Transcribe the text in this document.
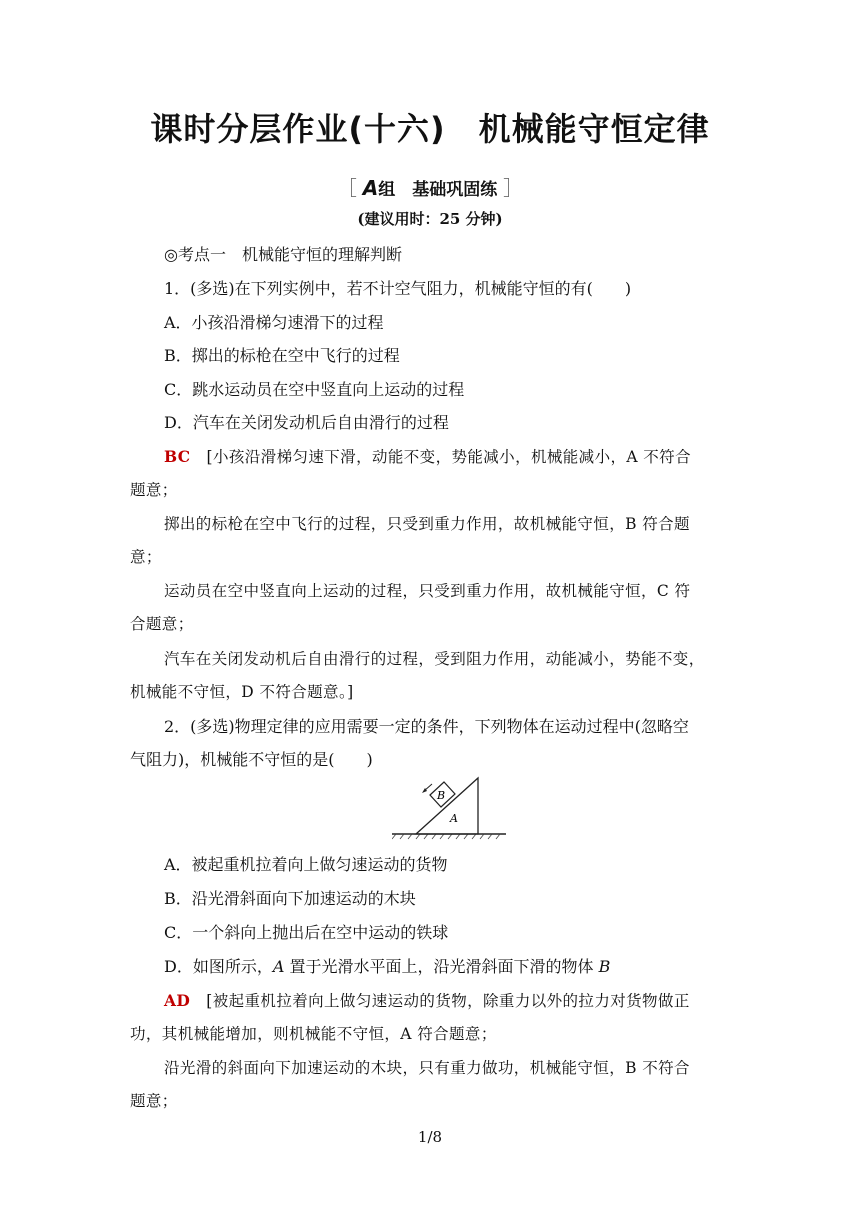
课时分层作业(十六)　机械能守恒定律
［ A组　基础巩固练 ］
(建议用时：25 分钟)
◎考点一　机械能守恒的理解判断
1．(多选)在下列实例中，若不计空气阻力，机械能守恒的有(　　)
A．小孩沿滑梯匀速滑下的过程
B．掷出的标枪在空中飞行的过程
C．跳水运动员在空中竖直向上运动的过程
D．汽车在关闭发动机后自由滑行的过程
BC [小孩沿滑梯匀速下滑，动能不变，势能减小，机械能减小，A 不符合
题意；
掷出的标枪在空中飞行的过程，只受到重力作用，故机械能守恒，B 符合题
意；
运动员在空中竖直向上运动的过程，只受到重力作用，故机械能守恒，C 符
合题意；
汽车在关闭发动机后自由滑行的过程，受到阻力作用，动能减小，势能不变，
机械能不守恒，D 不符合题意。]
2．(多选)物理定律的应用需要一定的条件，下列物体在运动过程中(忽略空
气阻力)，机械能不守恒的是(　　)
B
A
A．被起重机拉着向上做匀速运动的货物
B．沿光滑斜面向下加速运动的木块
C．一个斜向上抛出后在空中运动的铁球
D．如图所示，A 置于光滑水平面上，沿光滑斜面下滑的物体 B
AD [被起重机拉着向上做匀速运动的货物，除重力以外的拉力对货物做正
功，其机械能增加，则机械能不守恒，A 符合题意；
沿光滑的斜面向下加速运动的木块，只有重力做功，机械能守恒，B 不符合
题意；
1/8
